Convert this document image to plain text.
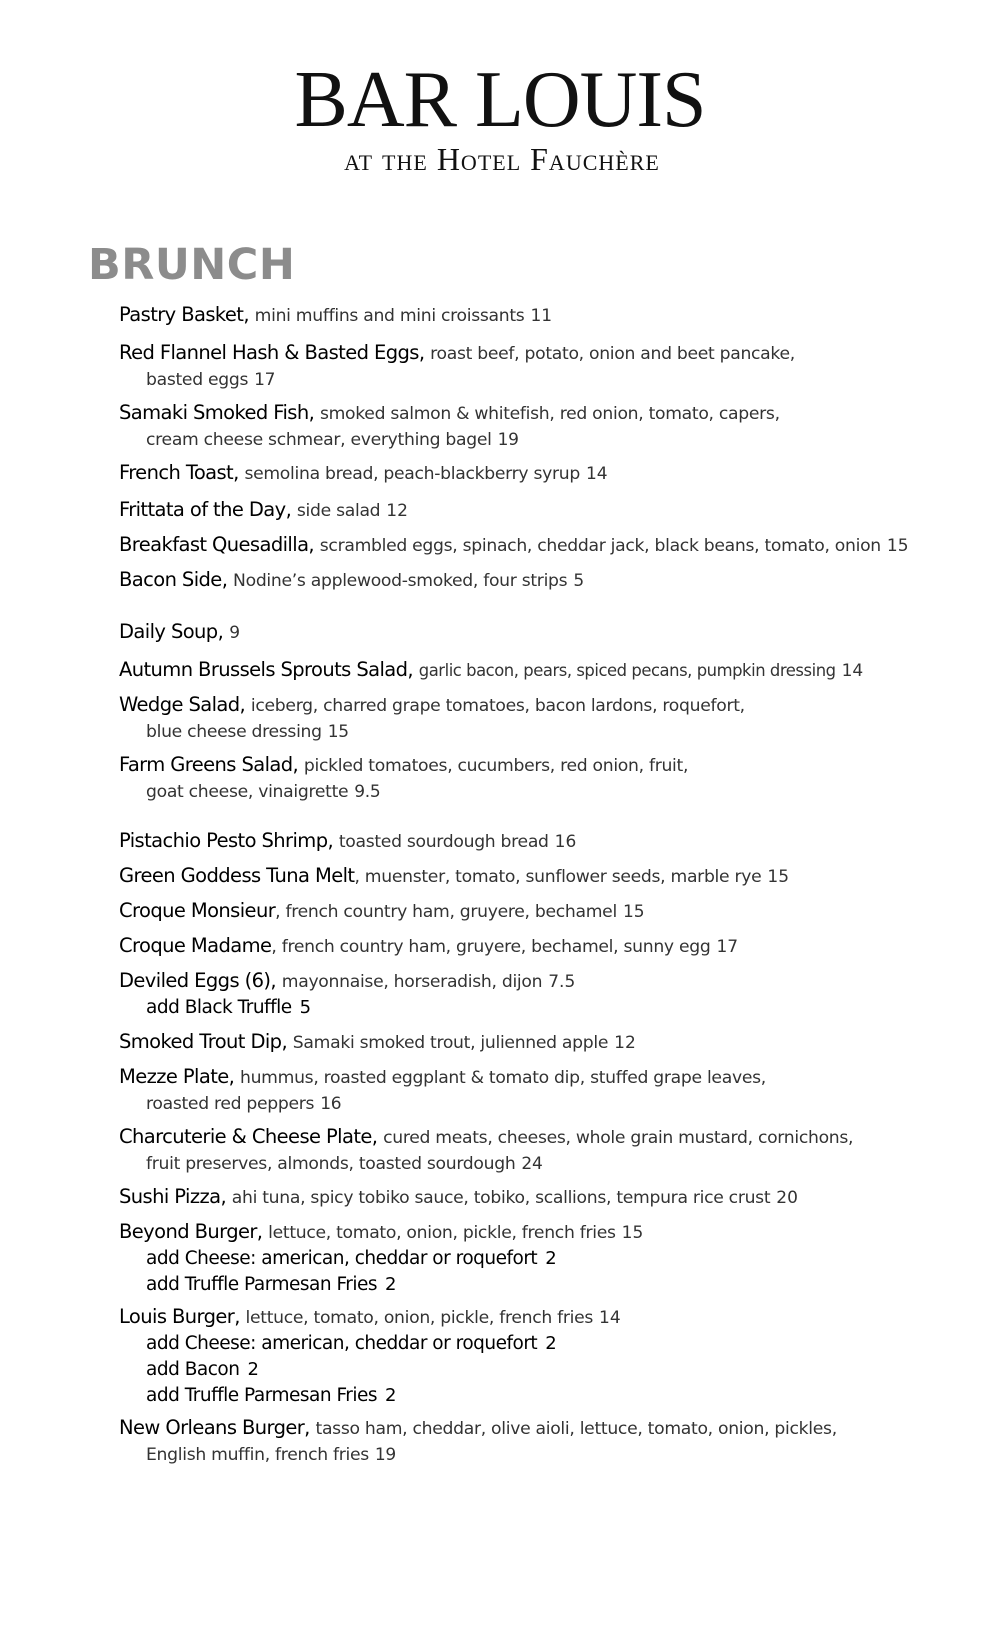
BAR LOUIS
at the Hotel Fauchère
BRUNCH
Pastry Basket, mini muffins and mini croissants 11
Red Flannel Hash & Basted Eggs, roast beef, potato, onion and beet pancake,
basted eggs 17
Samaki Smoked Fish, smoked salmon & whitefish, red onion, tomato, capers,
cream cheese schmear, everything bagel 19
French Toast, semolina bread, peach-blackberry syrup 14
Frittata of the Day, side salad 12
Breakfast Quesadilla, scrambled eggs, spinach, cheddar jack, black beans, tomato, onion 15
Bacon Side, Nodine’s applewood-smoked, four strips 5
Daily Soup, 9
Autumn Brussels Sprouts Salad, garlic bacon, pears, spiced pecans, pumpkin dressing 14
Wedge Salad, iceberg, charred grape tomatoes, bacon lardons, roquefort,
blue cheese dressing 15
Farm Greens Salad, pickled tomatoes, cucumbers, red onion, fruit,
goat cheese, vinaigrette 9.5
Pistachio Pesto Shrimp, toasted sourdough bread 16
Green Goddess Tuna Melt, muenster, tomato, sunflower seeds, marble rye 15
Croque Monsieur, french country ham, gruyere, bechamel 15
Croque Madame, french country ham, gruyere, bechamel, sunny egg 17
Deviled Eggs (6), mayonnaise, horseradish, dijon 7.5
add Black Truffle 5
Smoked Trout Dip, Samaki smoked trout, julienned apple 12
Mezze Plate, hummus, roasted eggplant & tomato dip, stuffed grape leaves,
roasted red peppers 16
Charcuterie & Cheese Plate, cured meats, cheeses, whole grain mustard, cornichons,
fruit preserves, almonds, toasted sourdough 24
Sushi Pizza, ahi tuna, spicy tobiko sauce, tobiko, scallions, tempura rice crust 20
Beyond Burger, lettuce, tomato, onion, pickle, french fries 15
add Cheese: american, cheddar or roquefort 2
add Truffle Parmesan Fries 2
Louis Burger, lettuce, tomato, onion, pickle, french fries 14
add Cheese: american, cheddar or roquefort 2
add Bacon 2
add Truffle Parmesan Fries 2
New Orleans Burger, tasso ham, cheddar, olive aioli, lettuce, tomato, onion, pickles,
English muffin, french fries 19
